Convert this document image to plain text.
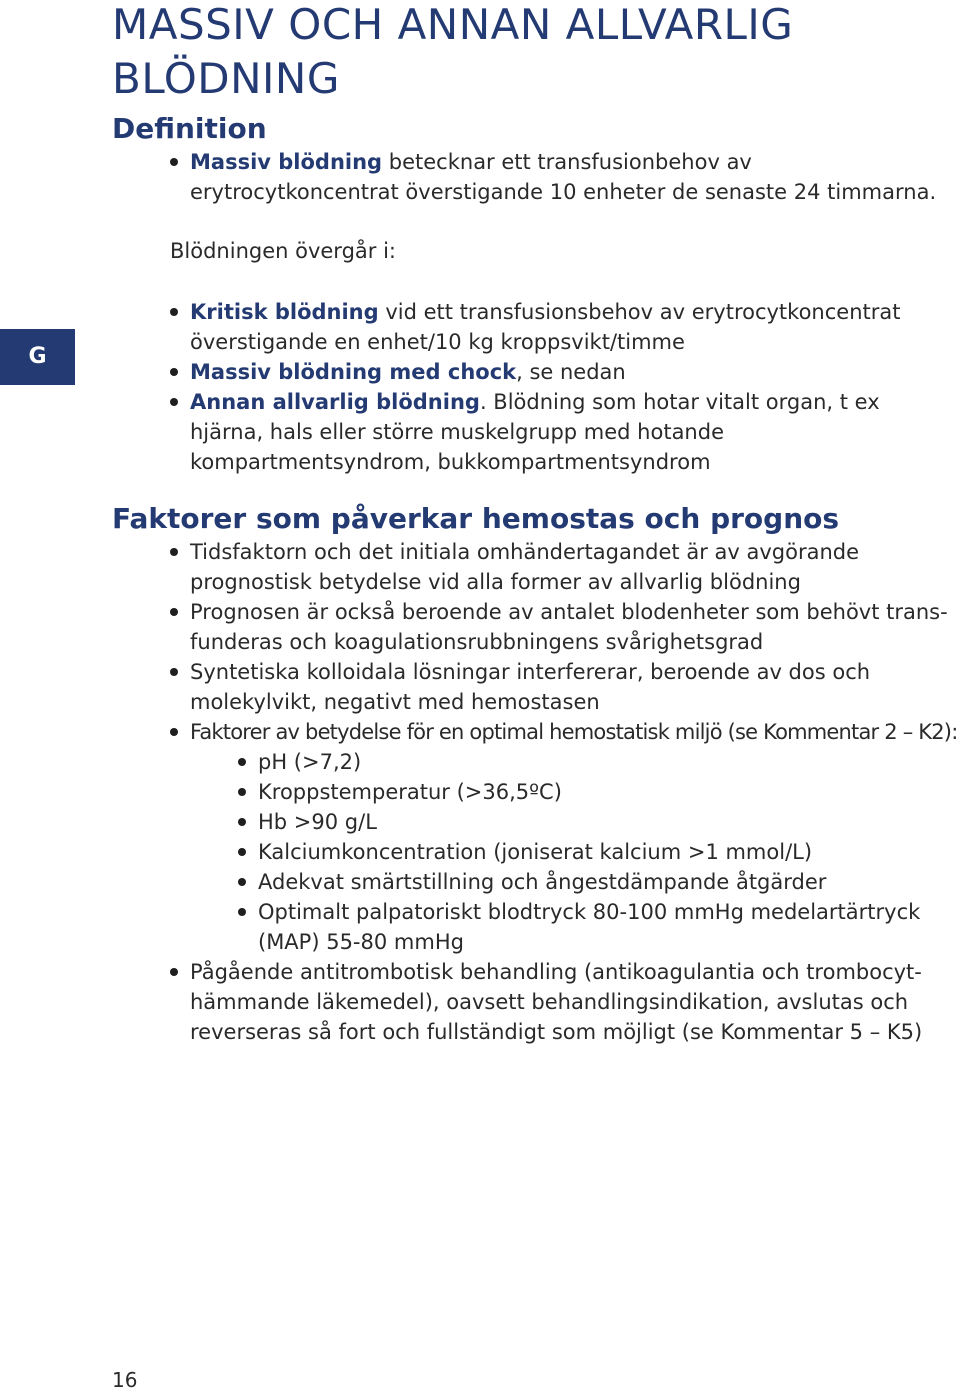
MASSIV OCH ANNAN ALLVARLIG BLÖDNING
G
Definition
Massiv blödning betecknar ett transfusionbehov av erytrocytkoncentrat överstigande 10 enheter de senaste 24 timmarna.

Blödningen övergår i:

Kritisk blödning vid ett transfusionsbehov av erytrocytkoncentrat överstigande en enhet/10 kg kroppsvikt/timme
Massiv blödning med chock, se nedan
Annan allvarlig blödning. Blödning som hotar vitalt organ, t ex hjärna, hals eller större muskelgrupp med hotande kompartmentsyndrom, bukkompartmentsyndrom
Faktorer som påverkar hemostas och prognos
Tidsfaktorn och det initiala omhändertagandet är av avgörande prognostisk betydelse vid alla former av allvarlig blödning
Prognosen är också beroende av antalet blodenheter som behövt transfunderas och koagulationsrubbningens svårighetsgrad
Syntetiska kolloidala lösningar interfererar, beroende av dos och molekylvikt, negativt med hemostasen
Faktorer av betydelse för en optimal hemostatisk miljö (se Kommentar 2 – K2):
pH (>7,2)
Kroppstemperatur (>36,5ºC)
Hb >90 g/L
Kalciumkoncentration (joniserat kalcium >1 mmol/L)
Adekvat smärtstillning och ångestdämpande åtgärder
Optimalt palpatoriskt blodtryck 80-100 mmHg medelartärtryck (MAP) 55-80 mmHg
Pågående antitrombotisk behandling (antikoagulantia och trombocythämmande läkemedel), oavsett behandlingsindikation, avslutas och reverseras så fort och fullständigt som möjligt (se Kommentar 5 – K5)
16
